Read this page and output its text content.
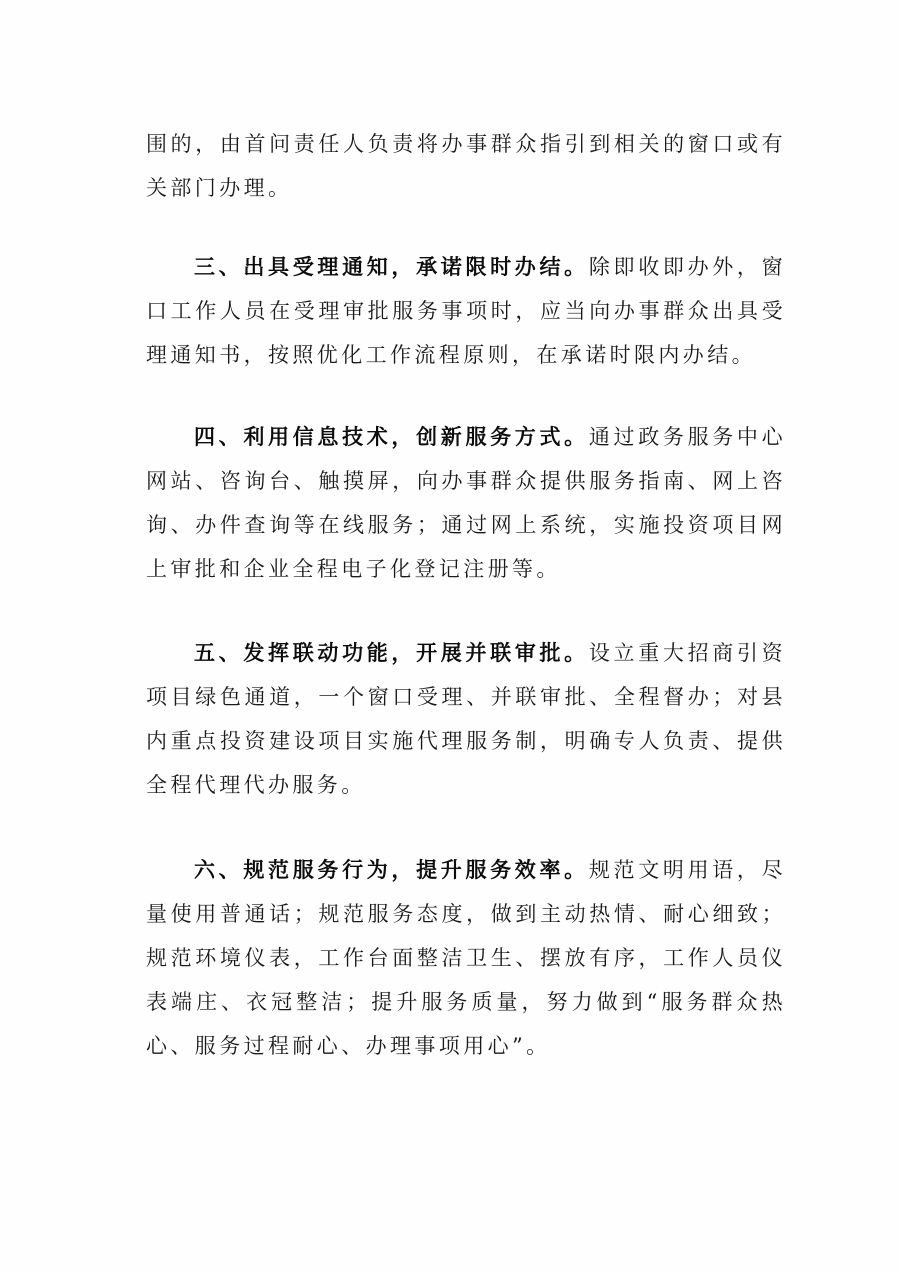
围的，由首问责任人负责将办事群众指引到相关的窗口或有关部门办理。

三、出具受理通知，承诺限时办结。除即收即办外，窗口工作人员在受理审批服务事项时，应当向办事群众出具受理通知书，按照优化工作流程原则，在承诺时限内办结。

四、利用信息技术，创新服务方式。通过政务服务中心网站、咨询台、触摸屏，向办事群众提供服务指南、网上咨询、办件查询等在线服务；通过网上系统，实施投资项目网上审批和企业全程电子化登记注册等。

五、发挥联动功能，开展并联审批。设立重大招商引资项目绿色通道，一个窗口受理、并联审批、全程督办；对县内重点投资建设项目实施代理服务制，明确专人负责、提供全程代理代办服务。

六、规范服务行为，提升服务效率。规范文明用语，尽量使用普通话；规范服务态度，做到主动热情、耐心细致；规范环境仪表，工作台面整洁卫生、摆放有序，工作人员仪表端庄、衣冠整洁；提升服务质量，努力做到“服务群众热心、服务过程耐心、办理事项用心”。
